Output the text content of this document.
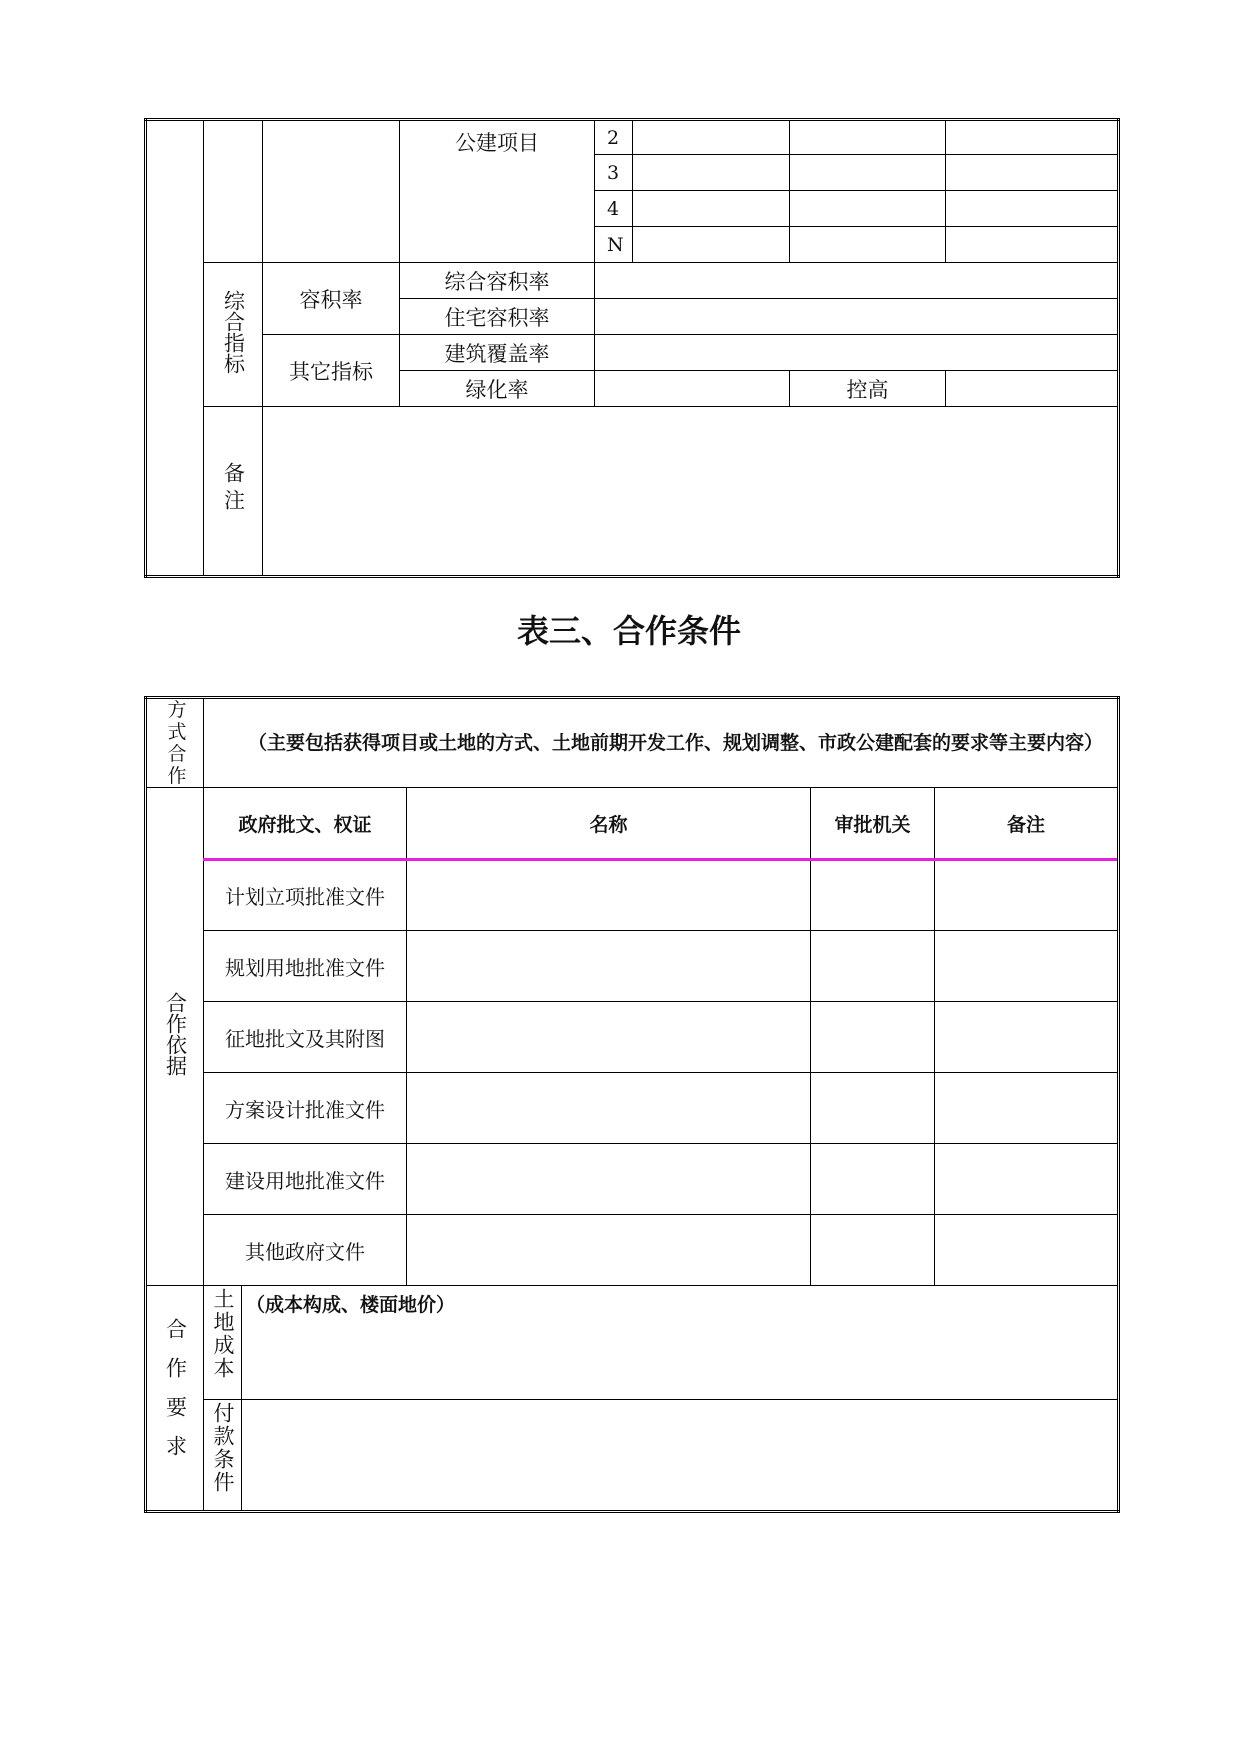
			公建项目	2			
				3			
				4			
				N			
	综合指标	容积率	综合容积率				
			住宅容积率				
		其它指标	建筑覆盖率				
			绿化率			控高	
	备注						
表三、合作条件
方式合作	（主要包括获得项目或土地的方式、土地前期开发工作、规划调整、市政公建配套的要求等主要内容）				
合作依据	政府批文、权证		名称	审批机关	备注
	计划立项批准文件				
	规划用地批准文件				
	征地批文及其附图				
	方案设计批准文件				
	建设用地批准文件				
	其他政府文件				
合作要求	土地成本	（成本构成、楼面地价）			
	付款条件				
